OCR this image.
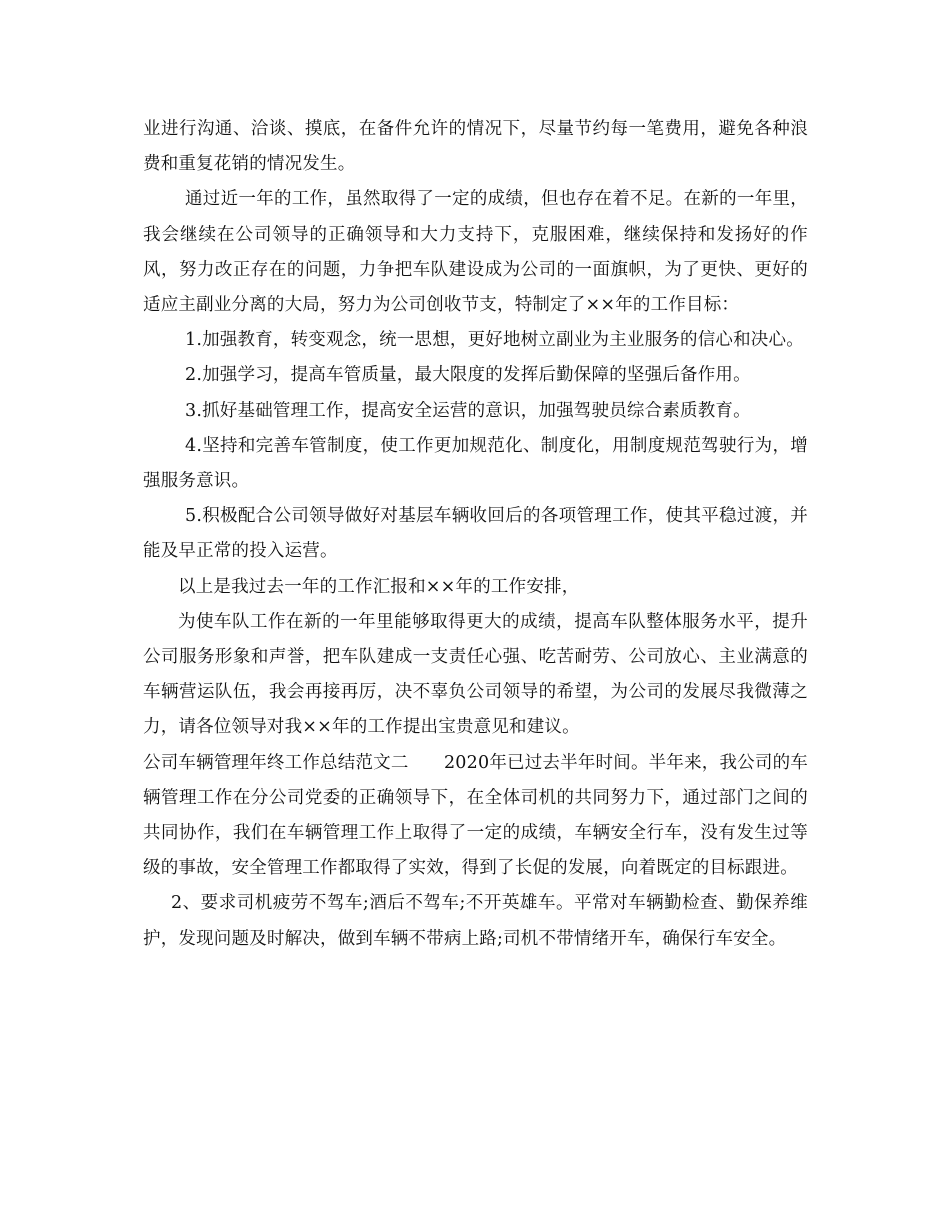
业进行沟通、洽谈、摸底，在备件允许的情况下，尽量节约每一笔费用，避免各种浪费和重复花销的情况发生。

通过近一年的工作，虽然取得了一定的成绩，但也存在着不足。在新的一年里，我会继续在公司领导的正确领导和大力支持下，克服困难，继续保持和发扬好的作风，努力改正存在的问题，力争把车队建设成为公司的一面旗帜，为了更快、更好的适应主副业分离的大局，努力为公司创收节支，特制定了××年的工作目标：

1.加强教育，转变观念，统一思想，更好地树立副业为主业服务的信心和决心。

2.加强学习，提高车管质量，最大限度的发挥后勤保障的坚强后备作用。

3.抓好基础管理工作，提高安全运营的意识，加强驾驶员综合素质教育。

4.坚持和完善车管制度，使工作更加规范化、制度化，用制度规范驾驶行为，增强服务意识。

5.积极配合公司领导做好对基层车辆收回后的各项管理工作，使其平稳过渡，并能及早正常的投入运营。

以上是我过去一年的工作汇报和××年的工作安排，

为使车队工作在新的一年里能够取得更大的成绩，提高车队整体服务水平，提升公司服务形象和声誉，把车队建成一支责任心强、吃苦耐劳、公司放心、主业满意的车辆营运队伍，我会再接再厉，决不辜负公司领导的希望，为公司的发展尽我微薄之力，请各位领导对我××年的工作提出宝贵意见和建议。

公司车辆管理年终工作总结范文二　　2020年已过去半年时间。半年来，我公司的车辆管理工作在分公司党委的正确领导下，在全体司机的共同努力下，通过部门之间的共同协作，我们在车辆管理工作上取得了一定的成绩，车辆安全行车，没有发生过等级的事故，安全管理工作都取得了实效，得到了长促的发展，向着既定的目标跟进。

2、要求司机疲劳不驾车;酒后不驾车;不开英雄车。平常对车辆勤检查、勤保养维护，发现问题及时解决，做到车辆不带病上路;司机不带情绪开车，确保行车安全。
